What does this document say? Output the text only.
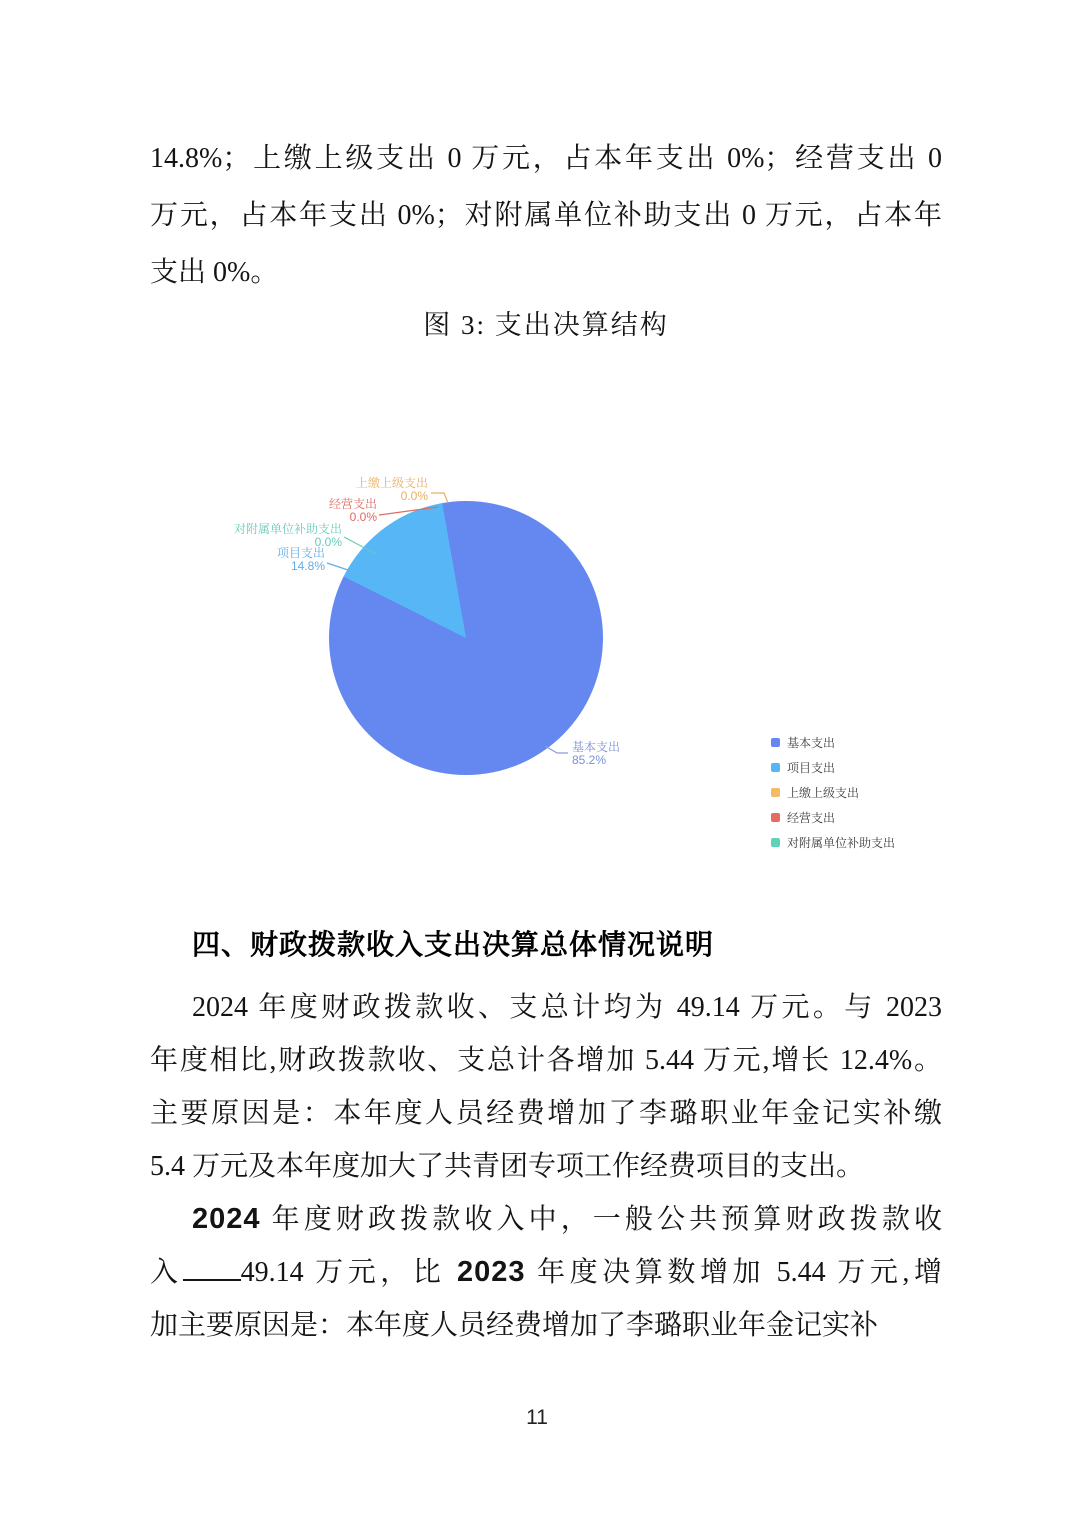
14.8%；上缴上级支出 0 万元，占本年支出 0%；经营支出 0
万元，占本年支出 0%；对附属单位补助支出 0 万元，占本年
支出 0%。
图 3: 支出决算结构
基本支出
项目支出
上缴上级支出
经营支出
对附属单位补助支出
上缴上级支出
0.0%
经营支出
0.0%
对附属单位补助支出
0.0%
项目支出
14.8%
基本支出
85.2%
四、财政拨款收入支出决算总体情况说明
2024 年度财政拨款收、支总计均为 49.14 万元。与 2023
年度相比,财政拨款收、支总计各增加 5.44 万元,增长 12.4%。
主要原因是：本年度人员经费增加了李璐职业年金记实补缴
5.4 万元及本年度加大了共青团专项工作经费项目的支出。
2024 年度财政拨款收入中，一般公共预算财政拨款收
入 49.14 万元，比 2023 年度决算数增加 5.44 万元,增
加主要原因是：本年度人员经费增加了李璐职业年金记实补
11
